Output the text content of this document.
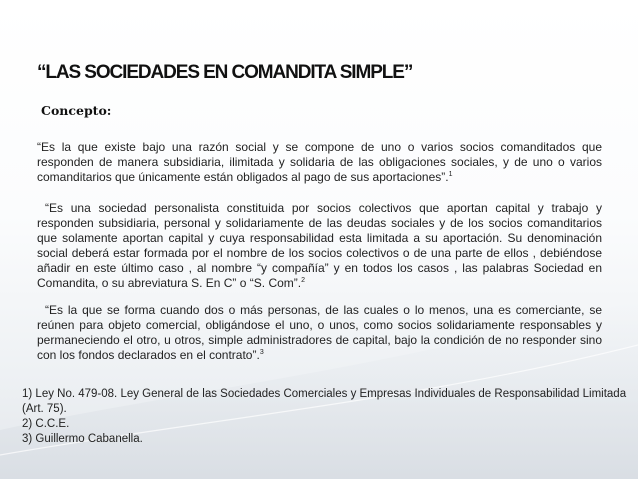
“LAS SOCIEDADES EN COMANDITA SIMPLE”
Concepto:

“Es la que existe bajo una razón social y se compone de uno o varios socios comanditados que responden de manera subsidiaria, ilimitada y solidaria de las obligaciones sociales, y de uno o varios comanditarios que únicamente están obligados al pago de sus aportaciones”.$^1$

“Es una sociedad personalista constituida por socios colectivos que aportan capital y trabajo y responden subsidiaria, personal y solidariamente de las deudas sociales y de los socios comanditarios que solamente aportan capital y cuya responsabilidad esta limitada a su aportación. Su denominación social deberá estar formada por el nombre de los socios colectivos o de una parte de ellos , debiéndose añadir en este último caso , al nombre “y compañía” y en todos los casos , las palabras Sociedad en Comandita, o su abreviatura S. En C” o “S. Com”.$^2$

“Es la que se forma cuando dos o más personas, de las cuales o lo menos, una es comerciante, se reúnen para objeto comercial, obligándose el uno, o unos, como socios solidariamente responsables y permaneciendo el otro, u otros, simple administradores de capital, bajo la condición de no responder sino con los fondos declarados en el contrato”.$^3$

1) Ley No. 479-08. Ley General de las Sociedades Comerciales y Empresas Individuales de Responsabilidad Limitada (Art. 75).
2) C.C.E.
3) Guillermo Cabanella.
